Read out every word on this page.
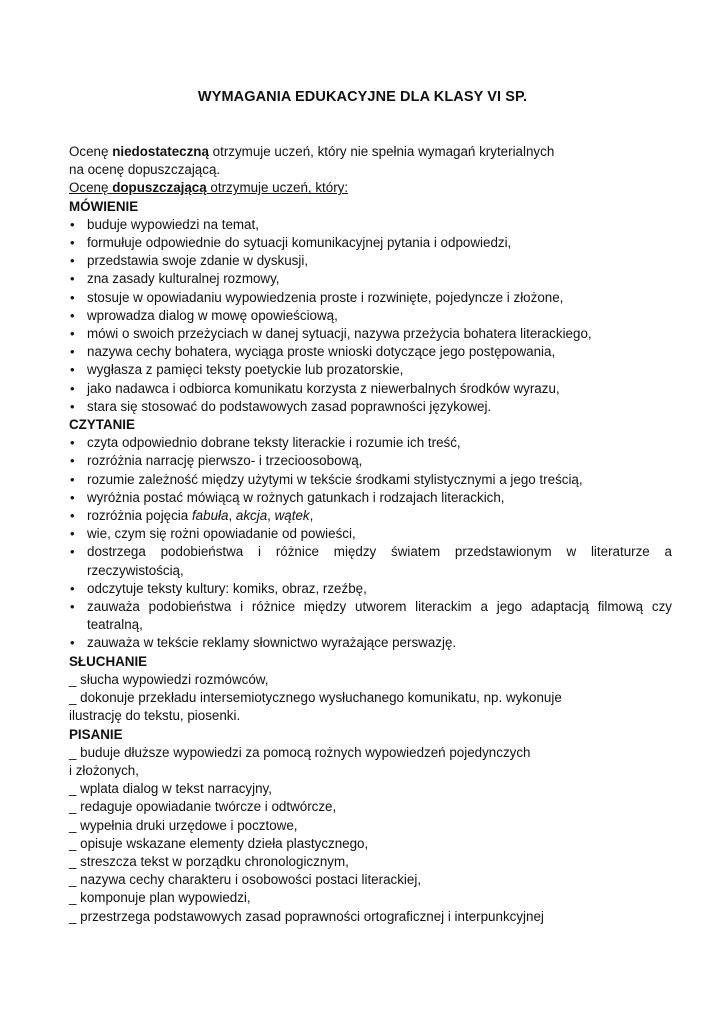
WYMAGANIA EDUKACYJNE DLA KLASY VI SP.
Ocenę niedostateczną otrzymuje uczeń, który nie spełnia wymagań kryterialnych
na ocenę dopuszczającą.
Ocenę dopuszczającą otrzymuje uczeń, który:
MÓWIENIE
• buduje wypowiedzi na temat,
• formułuje odpowiednie do sytuacji komunikacyjnej pytania i odpowiedzi,
• przedstawia swoje zdanie w dyskusji,
• zna zasady kulturalnej rozmowy,
• stosuje w opowiadaniu wypowiedzenia proste i rozwinięte, pojedyncze i złożone,
• wprowadza dialog w mowę opowieściową,
• mówi o swoich przeżyciach w danej sytuacji, nazywa przeżycia bohatera literackiego,
• nazywa cechy bohatera, wyciąga proste wnioski dotyczące jego postępowania,
• wygłasza z pamięci teksty poetyckie lub prozatorskie,
• jako nadawca i odbiorca komunikatu korzysta z niewerbalnych środków wyrazu,
• stara się stosować do podstawowych zasad poprawności językowej.
CZYTANIE
• czyta odpowiednio dobrane teksty literackie i rozumie ich treść,
• rozróżnia narrację pierwszo- i trzecioosobową,
• rozumie zależność między użytymi w tekście środkami stylistycznymi a jego treścią,
• wyróżnia postać mówiącą w rożnych gatunkach i rodzajach literackich,
• rozróżnia pojęcia fabuła, akcja, wątek,
• wie, czym się rożni opowiadanie od powieści,
• dostrzega podobieństwa i różnice między światem przedstawionym w literaturze a
rzeczywistością,
• odczytuje teksty kultury: komiks, obraz, rzeźbę,
• zauważa podobieństwa i różnice między utworem literackim a jego adaptacją filmową czy
teatralną,
• zauważa w tekście reklamy słownictwo wyrażające perswazję.
SŁUCHANIE
_ słucha wypowiedzi rozmówców,
_ dokonuje przekładu intersemiotycznego wysłuchanego komunikatu, np. wykonuje
ilustrację do tekstu, piosenki.
PISANIE
_ buduje dłuższe wypowiedzi za pomocą rożnych wypowiedzeń pojedynczych
i złożonych,
_ wplata dialog w tekst narracyjny,
_ redaguje opowiadanie twórcze i odtwórcze,
_ wypełnia druki urzędowe i pocztowe,
_ opisuje wskazane elementy dzieła plastycznego,
_ streszcza tekst w porządku chronologicznym,
_ nazywa cechy charakteru i osobowości postaci literackiej,
_ komponuje plan wypowiedzi,
_ przestrzega podstawowych zasad poprawności ortograficznej i interpunkcyjnej
